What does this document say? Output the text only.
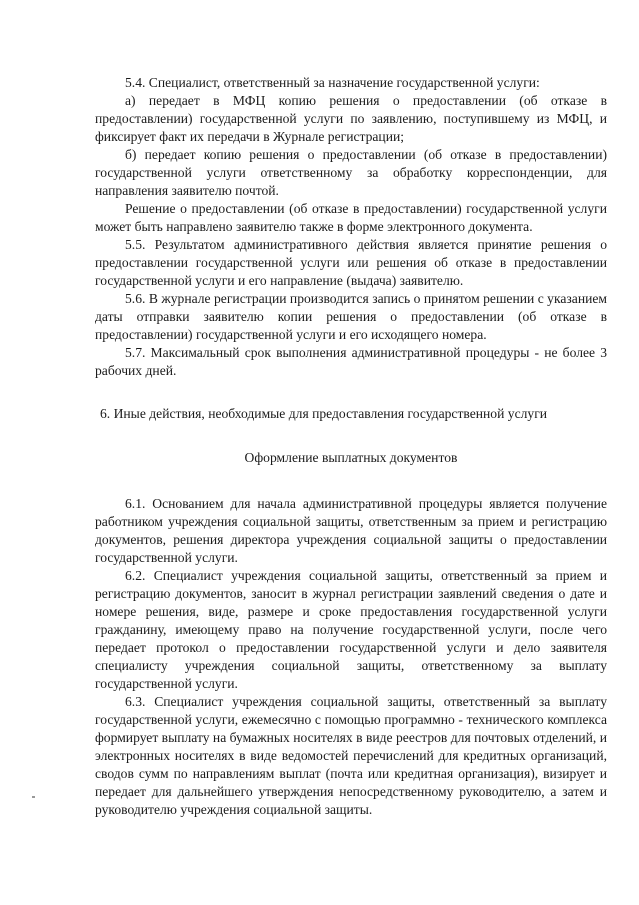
5.4. Специалист, ответственный за назначение государственной услуги:

а) передает в МФЦ копию решения о предоставлении (об отказе в предоставлении) государственной услуги по заявлению, поступившему из МФЦ, и фиксирует факт их передачи в Журнале регистрации;

б) передает копию решения о предоставлении (об отказе в предоставлении) государственной услуги ответственному за обработку корреспонденции, для направления заявителю почтой.

Решение о предоставлении (об отказе в предоставлении) государственной услуги может быть направлено заявителю также в форме электронного документа.

5.5. Результатом административного действия является принятие решения о предоставлении государственной услуги или решения об отказе в предоставлении государственной услуги и его направление (выдача) заявителю.

5.6. В журнале регистрации производится запись о принятом решении с указанием даты отправки заявителю копии решения о предоставлении (об отказе в предоставлении) государственной услуги и его исходящего номера.

5.7. Максимальный срок выполнения административной процедуры - не более 3 рабочих дней.

6. Иные действия, необходимые для предоставления государственной услуги
Оформление выплатных документов

6.1. Основанием для начала административной процедуры является получение работником учреждения социальной защиты, ответственным за прием и регистрацию документов, решения директора учреждения социальной защиты о предоставлении государственной услуги.

6.2. Специалист учреждения социальной защиты, ответственный за прием и регистрацию документов, заносит в журнал регистрации заявлений сведения о дате и номере решения, виде, размере и сроке предоставления государственной услуги гражданину, имеющему право на получение государственной услуги, после чего передает протокол о предоставлении государственной услуги и дело заявителя специалисту учреждения социальной защиты, ответственному за выплату государственной услуги.

6.3. Специалист учреждения социальной защиты, ответственный за выплату государственной услуги, ежемесячно с помощью программно - технического комплекса формирует выплату на бумажных носителях в виде реестров для почтовых отделений, и электронных носителях в виде ведомостей перечислений для кредитных организаций, сводов сумм по направлениям выплат (почта или кредитная организация), визирует и передает для дальнейшего утверждения непосредственному руководителю, а затем и руководителю учреждения социальной защиты.
